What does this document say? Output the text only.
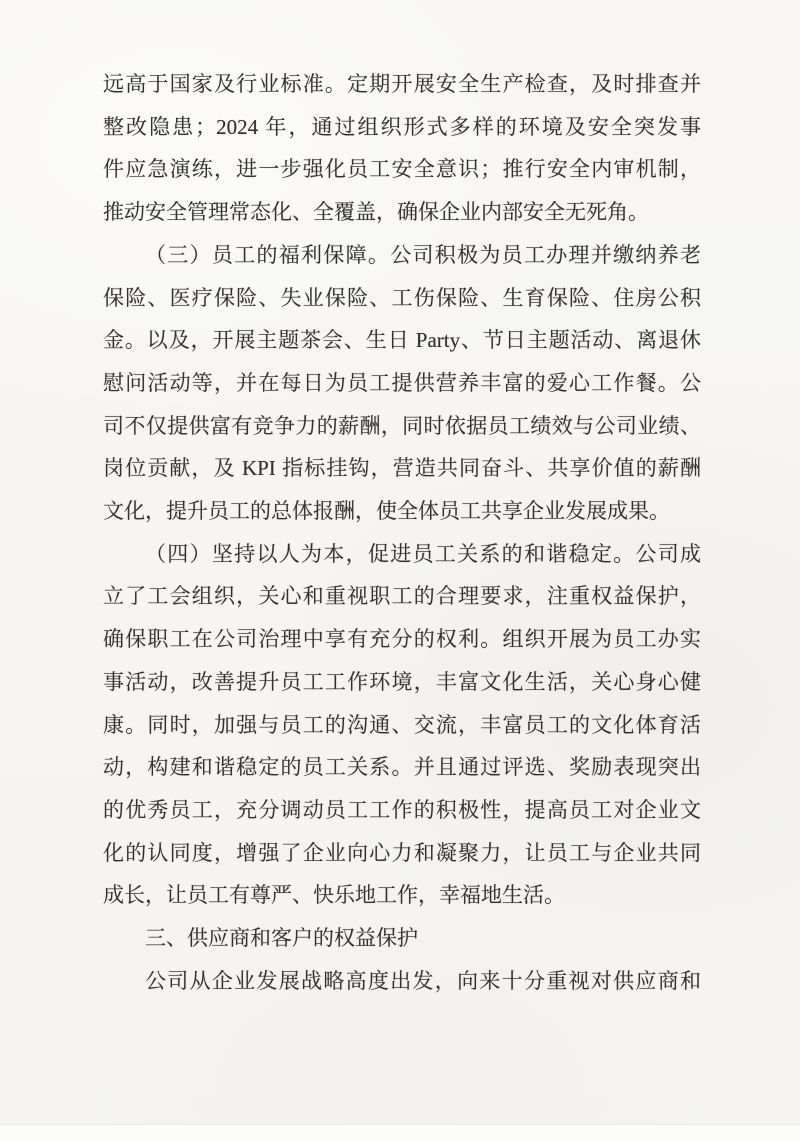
远高于国家及行业标准。定期开展安全生产检查，及时排查并
整改隐患；2024 年，通过组织形式多样的环境及安全突发事
件应急演练，进一步强化员工安全意识；推行安全内审机制，
推动安全管理常态化、全覆盖，确保企业内部安全无死角。
（三）员工的福利保障。公司积极为员工办理并缴纳养老
保险、医疗保险、失业保险、工伤保险、生育保险、住房公积
金。以及，开展主题茶会、生日 Party、节日主题活动、离退休
慰问活动等，并在每日为员工提供营养丰富的爱心工作餐。公
司不仅提供富有竞争力的薪酬，同时依据员工绩效与公司业绩、
岗位贡献，及 KPI 指标挂钩，营造共同奋斗、共享价值的薪酬
文化，提升员工的总体报酬，使全体员工共享企业发展成果。
（四）坚持以人为本，促进员工关系的和谐稳定。公司成
立了工会组织，关心和重视职工的合理要求，注重权益保护，
确保职工在公司治理中享有充分的权利。组织开展为员工办实
事活动，改善提升员工工作环境，丰富文化生活，关心身心健
康。同时，加强与员工的沟通、交流，丰富员工的文化体育活
动，构建和谐稳定的员工关系。并且通过评选、奖励表现突出
的优秀员工，充分调动员工工作的积极性，提高员工对企业文
化的认同度，增强了企业向心力和凝聚力，让员工与企业共同
成长，让员工有尊严、快乐地工作，幸福地生活。
三、供应商和客户的权益保护
公司从企业发展战略高度出发，向来十分重视对供应商和
